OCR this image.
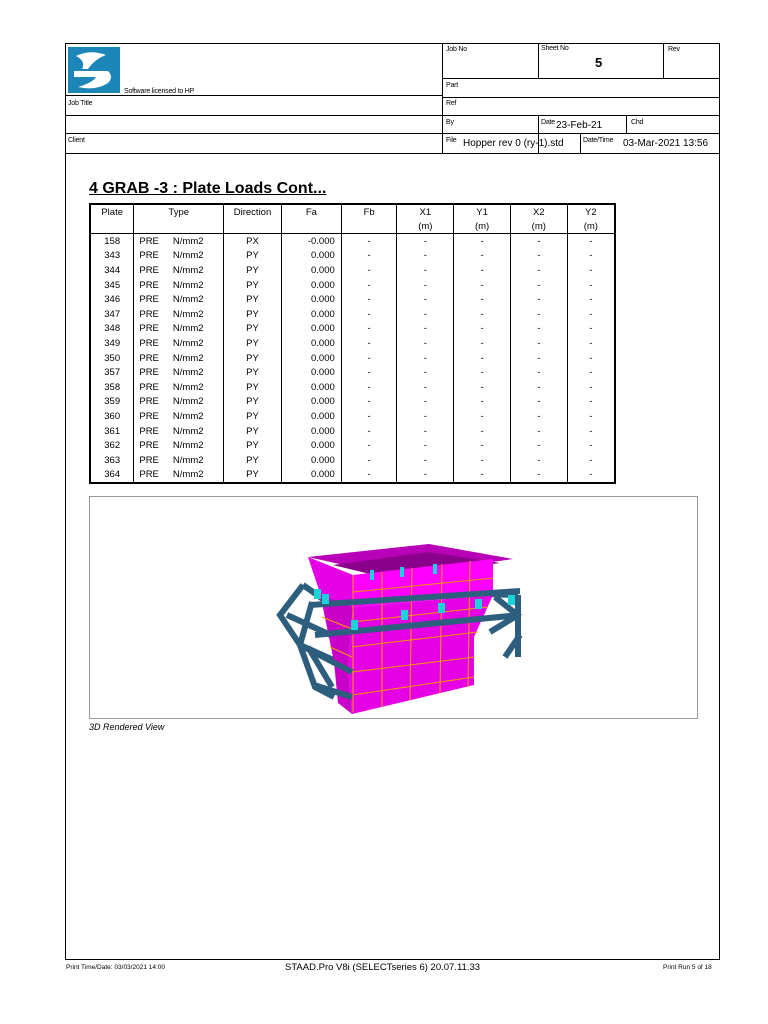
Software licensed to HP
Job No	Sheet No
5
Rev
Part
Job Title	Ref
By	Date 23-Feb-21	Chd
Client	File Hopper rev 0 (ry-1).std	Date/Time 03-Mar-2021 13:56
4 GRAB -3 : Plate Loads Cont...
Plate	Type	Direction	Fa	Fb	X1	Y1	X2	Y2
					(m)	(m)	(m)	(m)
158	PRE N/mm2	PX	-0.000	-	-	-	-	-
343	PRE N/mm2	PY	0.000	-	-	-	-	-
344	PRE N/mm2	PY	0.000	-	-	-	-	-
345	PRE N/mm2	PY	0.000	-	-	-	-	-
346	PRE N/mm2	PY	0.000	-	-	-	-	-
347	PRE N/mm2	PY	0.000	-	-	-	-	-
348	PRE N/mm2	PY	0.000	-	-	-	-	-
349	PRE N/mm2	PY	0.000	-	-	-	-	-
350	PRE N/mm2	PY	0.000	-	-	-	-	-
357	PRE N/mm2	PY	0.000	-	-	-	-	-
358	PRE N/mm2	PY	0.000	-	-	-	-	-
359	PRE N/mm2	PY	0.000	-	-	-	-	-
360	PRE N/mm2	PY	0.000	-	-	-	-	-
361	PRE N/mm2	PY	0.000	-	-	-	-	-
362	PRE N/mm2	PY	0.000	-	-	-	-	-
363	PRE N/mm2	PY	0.000	-	-	-	-	-
364	PRE N/mm2	PY	0.000	-	-	-	-	-
3D Rendered View
Print Time/Date: 03/03/2021 14:00	STAAD.Pro V8i (SELECTseries 6) 20.07.11.33	Print Run 5 of 18
